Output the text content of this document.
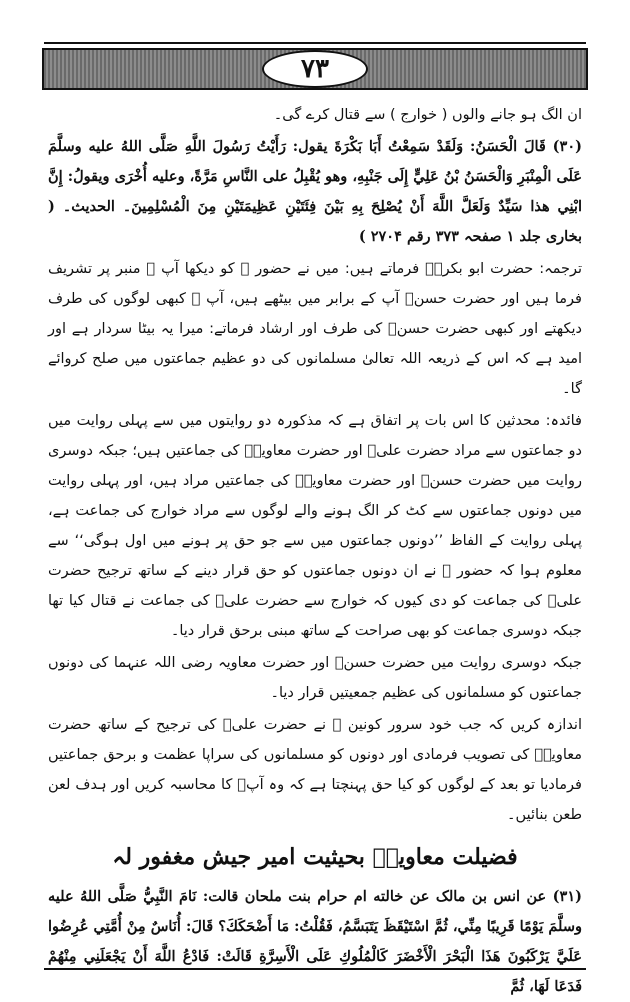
۷۳

ان الگ ہو جانے والوں ( خوارج ) سے قتال کرے گی۔

(۳۰) قَالَ الْحَسَنُ: وَلَقَدْ سَمِعْتُ أَبَا بَكْرَةَ يقول: رَأَيْتُ رَسُولَ اللَّهِ صَلَّى اللهُ عليه وسلَّمَ عَلَى الْمِنْبَرِ وَالْحَسَنُ بْنُ عَلِيٍّ إِلَى جَنْبِهِ، وهو يُقْبِلُ على النَّاسِ مَرَّةً، وعليه أُخْرَى ويقولُ: إِنَّ ابْنِي هذا سَيِّدٌ وَلَعَلَّ اللَّهَ أَنْ يُصْلِحَ بِهِ بَيْنَ فِئَتَيْنِ عَظِيمَتَيْنِ مِنَ الْمُسْلِمِينَ۔ الحديث۔ ( بخاری جلد ۱ صفحہ ۳۷۳ رقم ۲۷۰۴ )

ترجمہ: حضرت ابو بکرہؓ فرماتے ہیں: میں نے حضور ﷺ کو دیکھا آپ ﷺ منبر پر تشریف فرما ہیں اور حضرت حسنؓ آپ کے برابر میں بیٹھے ہیں، آپ ﷺ کبھی لوگوں کی طرف دیکھتے اور کبھی حضرت حسنؓ کی طرف اور ارشاد فرماتے: میرا یہ بیٹا سردار ہے اور امید ہے کہ اس کے ذریعہ اللہ تعالیٰ مسلمانوں کی دو عظیم جماعتوں میں صلح کروائے گا۔

فائدہ: محدثین کا اس بات پر اتفاق ہے کہ مذکورہ دو روایتوں میں سے پہلی روایت میں دو جماعتوں سے مراد حضرت علیؓ اور حضرت معاویہؓ کی جماعتیں ہیں؛ جبکہ دوسری روایت میں حضرت حسنؓ اور حضرت معاویہؓ کی جماعتیں مراد ہیں، اور پہلی روایت میں دونوں جماعتوں سے کٹ کر الگ ہونے والے لوگوں سے مراد خوارج کی جماعت ہے، پہلی روایت کے الفاظ ’’دونوں جماعتوں میں سے جو حق پر ہونے میں اول ہوگی‘‘ سے معلوم ہوا کہ حضور ﷺ نے ان دونوں جماعتوں کو حق قرار دینے کے ساتھ ترجیح حضرت علیؓ کی جماعت کو دی کیوں کہ خوارج سے حضرت علیؓ کی جماعت نے قتال کیا تھا جبکہ دوسری جماعت کو بھی صراحت کے ساتھ مبنی برحق قرار دیا۔

جبکہ دوسری روایت میں حضرت حسنؓ اور حضرت معاویہ رضی اللہ عنہما کی دونوں جماعتوں کو مسلمانوں کی عظیم جمعیتیں قرار دیا۔

اندازہ کریں کہ جب خود سرور کونین ﷺ نے حضرت علیؓ کی ترجیح کے ساتھ حضرت معاویہؓ کی تصویب فرمادی اور دونوں کو مسلمانوں کی سراپا عظمت و برحق جماعتیں فرمادیا تو بعد کے لوگوں کو کیا حق پہنچتا ہے کہ وہ آپؓ کا محاسبہ کریں اور ہدف لعن طعن بنائیں۔

فضیلت معاویہؓ بحیثیت امیر جیش مغفور لہ

(۳۱) عن انس بن مالک عن خالته ام حرام بنت ملحان قالت: نَامَ النَّبِيُّ صَلَّى اللهُ عليه وسلَّمَ يَوْمًا قَرِيبًا مِنِّي، ثُمَّ اسْتَيْقَظَ يَتَبَسَّمُ، فَقُلْتُ: مَا أَضْحَكَكَ؟ قَالَ: أُنَاسٌ مِنْ أُمَّتِي عُرِضُوا عَلَيَّ يَرْكَبُونَ هَذَا الْبَحْرَ الْأَخْضَرَ كَالْمُلُوكِ عَلَى الْأَسِرَّةِ قَالَتْ: فَادْعُ اللَّهَ أَنْ يَجْعَلَنِي مِنْهُمْ فَدَعَا لَهَا، ثُمَّ
